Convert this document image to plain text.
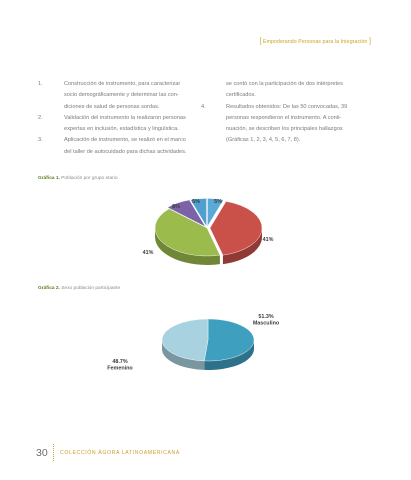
[ Empoderando Personas para la Integración ]
1.	Construcción de instrumento, para caracterizar
socio demográficamente y determinar las con-
diciones de salud de personas sordas.
2.	Validación del instrumento la realizaron personas
expertas en inclusión, estadística y lingüística.
3.	Aplicación de instrumento, se realizó en el marco
del taller de autocuidado para dichas actividades.
se contó con la participación de dos intérpretes certificados.
4.	Resultados obtenidos: De las 50 convocadas, 39
personas respondieron el instrumento. A conti-
nuación, se describen los principales hallazgos
(Gráficas 1, 2, 3, 4, 5, 6, 7, 8).
Gráfica 1. Población por grupo etario
Gráfica 2. Sexo población participante
5%
41%
41%
8%
5%
51.3%
Masculino
48.7%
Femenino
30 COLECCIÓN ÁGORA LATINOAMERICANA
